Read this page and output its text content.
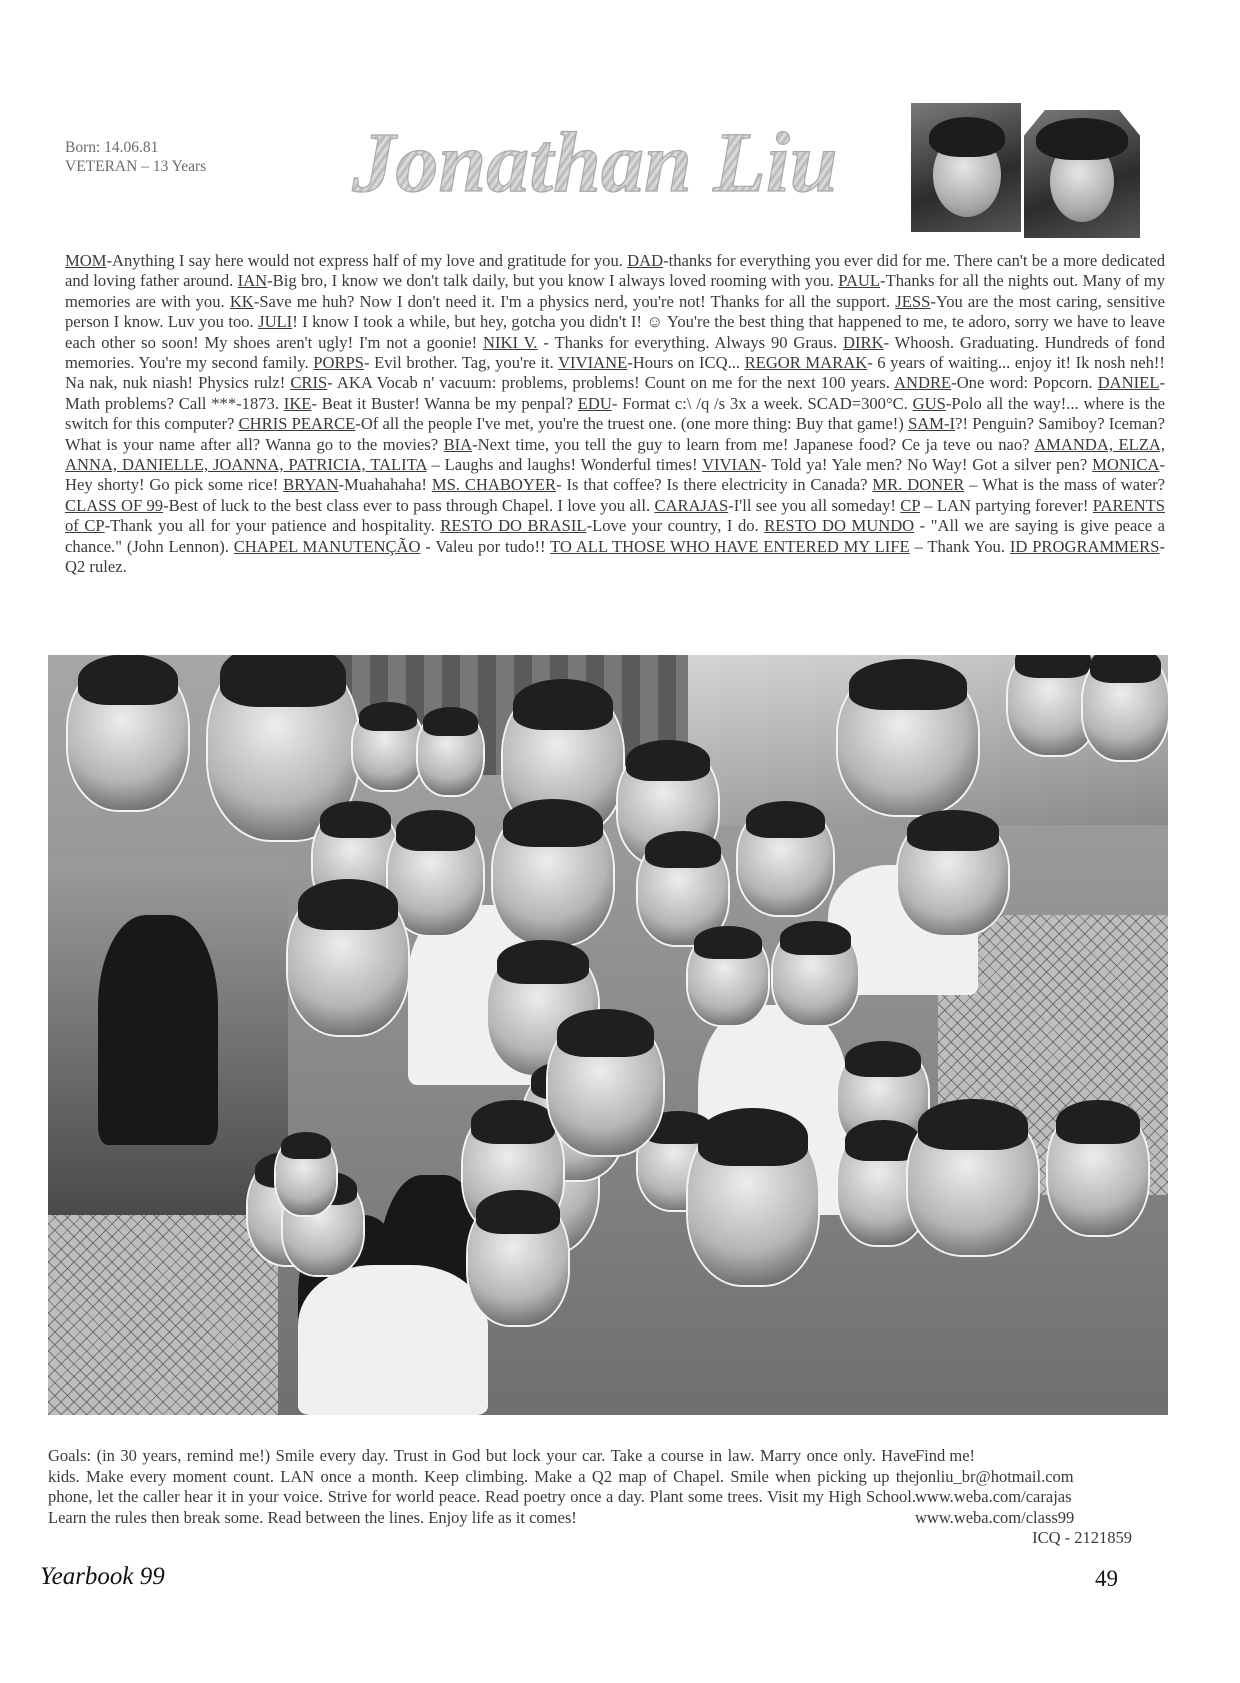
Born: 14.06.81
VETERAN – 13 Years Jonathan Liu
MOM-Anything I say here would not express half of my love and gratitude for you. DAD-thanks for everything you ever did for me. There can't be a more dedicated and loving father around. IAN-Big bro, I know we don't talk daily, but you know I always loved rooming with you. PAUL-Thanks for all the nights out. Many of my memories are with you. KK-Save me huh? Now I don't need it. I'm a physics nerd, you're not! Thanks for all the support. JESS-You are the most caring, sensitive person I know. Luv you too. JULI! I know I took a while, but hey, gotcha you didn't I! ☺ You're the best thing that happened to me, te adoro, sorry we have to leave each other so soon! My shoes aren't ugly! I'm not a goonie! NIKI V. - Thanks for everything. Always 90 Graus. DIRK- Whoosh. Graduating. Hundreds of fond memories. You're my second family. PORPS- Evil brother. Tag, you're it. VIVIANE-Hours on ICQ... REGOR MARAK- 6 years of waiting... enjoy it! Ik nosh neh!! Na nak, nuk niash! Physics rulz! CRIS- AKA Vocab n' vacuum: problems, problems! Count on me for the next 100 years. ANDRE-One word: Popcorn. DANIEL- Math problems? Call ***-1873. IKE- Beat it Buster! Wanna be my penpal? EDU- Format c:\ /q /s 3x a week. SCAD=300°C. GUS-Polo all the way!... where is the switch for this computer? CHRIS PEARCE-Of all the people I've met, you're the truest one. (one more thing: Buy that game!) SAM-I?! Penguin? Samiboy? Iceman? What is your name after all? Wanna go to the movies? BIA-Next time, you tell the guy to learn from me! Japanese food? Ce ja teve ou nao? AMANDA, ELZA, ANNA, DANIELLE, JOANNA, PATRICIA, TALITA – Laughs and laughs! Wonderful times! VIVIAN- Told ya! Yale men? No Way! Got a silver pen? MONICA- Hey shorty! Go pick some rice! BRYAN-Muahahaha! MS. CHABOYER- Is that coffee? Is there electricity in Canada? MR. DONER – What is the mass of water? CLASS OF 99-Best of luck to the best class ever to pass through Chapel. I love you all. CARAJAS-I'll see you all someday! CP – LAN partying forever! PARENTS of CP-Thank you all for your patience and hospitality. RESTO DO BRASIL-Love your country, I do. RESTO DO MUNDO - "All we are saying is give peace a chance." (John Lennon). CHAPEL MANUTENÇÃO - Valeu por tudo!! TO ALL THOSE WHO HAVE ENTERED MY LIFE – Thank You. ID PROGRAMMERS-Q2 rulez.
Goals: (in 30 years, remind me!) Smile every day. Trust in God but lock your car. Take a course in law. Marry once only. Have kids. Make every moment count. LAN once a month. Keep climbing. Make a Q2 map of Chapel. Smile when picking up the phone, let the caller hear it in your voice. Strive for world peace. Read poetry once a day. Plant some trees. Visit my High School. Learn the rules then break some. Read between the lines. Enjoy life as it comes!
Find me!
jonliu_br@hotmail.com
www.weba.com/carajas
www.weba.com/class99
ICQ - 2121859
Yearbook 99	49
